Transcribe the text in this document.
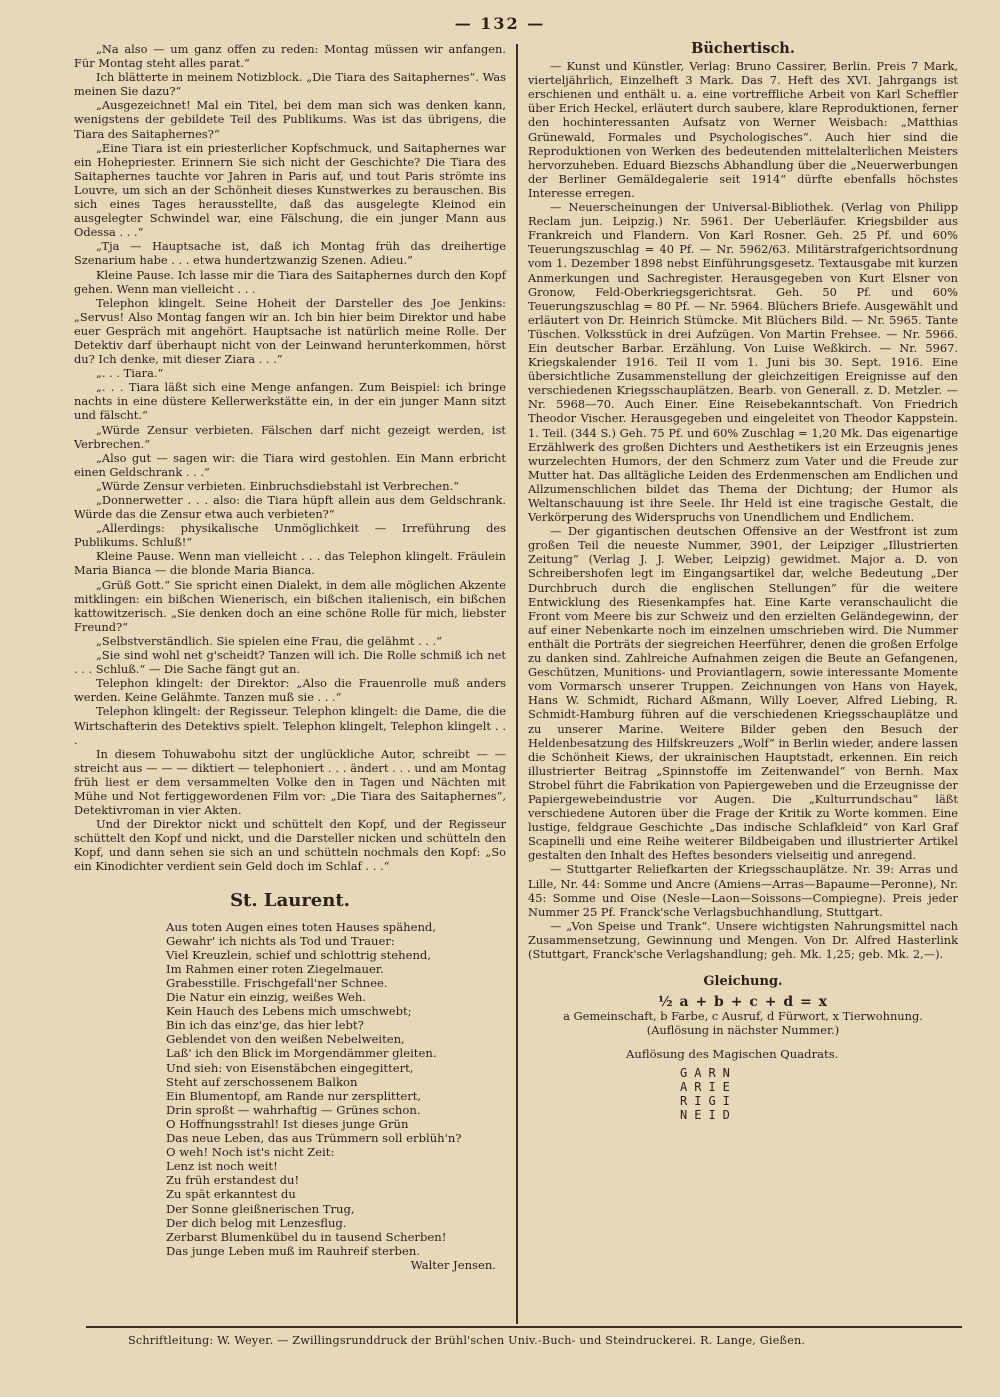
— 132 —

„Na also — um ganz offen zu reden: Montag müssen wir anfangen. Für Montag steht alles parat.“

Ich blätterte in meinem Notizblock. „Die Tiara des Saitaphernes“. Was meinen Sie dazu?“

„Ausgezeichnet! Mal ein Titel, bei dem man sich was denken kann, wenigstens der gebildete Teil des Publikums. Was ist das übrigens, die Tiara des Saitaphernes?“

„Eine Tiara ist ein priesterlicher Kopfschmuck, und Saitaphernes war ein Hohepriester. Erinnern Sie sich nicht der Geschichte? Die Tiara des Saitaphernes tauchte vor Jahren in Paris auf, und tout Paris strömte ins Louvre, um sich an der Schönheit dieses Kunstwerkes zu berauschen. Bis sich eines Tages herausstellte, daß das ausgelegte Kleinod ein ausgelegter Schwindel war, eine Fälschung, die ein junger Mann aus Odessa . . .“

„Tja — Hauptsache ist, daß ich Montag früh das dreihertige Szenarium habe . . . etwa hundertzwanzig Szenen. Adieu.“

Kleine Pause. Ich lasse mir die Tiara des Saitaphernes durch den Kopf gehen. Wenn man vielleicht . . .

Telephon klingelt. Seine Hoheit der Darsteller des Joe Jenkins: „Servus! Also Montag fangen wir an. Ich bin hier beim Direktor und habe euer Gespräch mit angehört. Hauptsache ist natürlich meine Rolle. Der Detektiv darf überhaupt nicht von der Leinwand herunterkommen, hörst du? Ich denke, mit dieser Ziara . . .“

„. . . Tiara.“

„. . . Tiara läßt sich eine Menge anfangen. Zum Beispiel: ich bringe nachts in eine düstere Kellerwerkstätte ein, in der ein junger Mann sitzt und fälscht.“

„Würde Zensur verbieten. Fälschen darf nicht gezeigt werden, ist Verbrechen.“

„Also gut — sagen wir: die Tiara wird gestohlen. Ein Mann erbricht einen Geldschrank . . .“

„Würde Zensur verbieten. Einbruchsdiebstahl ist Verbrechen.“

„Donnerwetter . . . also: die Tiara hüpft allein aus dem Geldschrank. Würde das die Zensur etwa auch verbieten?“

„Allerdings: physikalische Unmöglichkeit — Irreführung des Publikums. Schluß!“

Kleine Pause. Wenn man vielleicht . . . das Telephon klingelt. Fräulein Maria Bianca — die blonde Maria Bianca.

„Grüß Gott.“ Sie spricht einen Dialekt, in dem alle möglichen Akzente mitklingen: ein bißchen Wienerisch, ein bißchen italienisch, ein bißchen kattowitzerisch. „Sie denken doch an eine schöne Rolle für mich, liebster Freund?“

„Selbstverständlich. Sie spielen eine Frau, die gelähmt . . .“

„Sie sind wohl net g'scheidt? Tanzen will ich. Die Rolle schmiß ich net . . . Schluß.“ — Die Sache fängt gut an.

Telephon klingelt: der Direktor: „Also die Frauenrolle muß anders werden. Keine Gelähmte. Tanzen muß sie . . .“

Telephon klingelt: der Regisseur. Telephon klingelt: die Dame, die die Wirtschafterin des Detektivs spielt. Telephon klingelt, Telephon klingelt . . .

In diesem Tohuwabohu sitzt der unglückliche Autor, schreibt — — streicht aus — — — diktiert — telephoniert . . . ändert . . . und am Montag früh liest er dem versammelten Volke den in Tagen und Nächten mit Mühe und Not fertiggewordenen Film vor: „Die Tiara des Saitaphernes“, Detektivroman in vier Akten.

Und der Direktor nickt und schüttelt den Kopf, und der Regisseur schüttelt den Kopf und nickt, und die Darsteller nicken und schütteln den Kopf, und dann sehen sie sich an und schütteln nochmals den Kopf: „So ein Kinodichter verdient sein Geld doch im Schlaf . . .“

St. Laurent.
Aus toten Augen eines toten Hauses spähend,
Gewahr' ich nichts als Tod und Trauer:
Viel Kreuzlein, schief und schlottrig stehend,
Im Rahmen einer roten Ziegelmauer.
Grabesstille. Frischgefall'ner Schnee.
Die Natur ein einzig, weißes Weh.
Kein Hauch des Lebens mich umschwebt;
Bin ich das einz'ge, das hier lebt?
Geblendet von den weißen Nebelweiten,
Laß' ich den Blick im Morgendämmer gleiten.
Und sieh: von Eisenstäbchen eingegittert,
Steht auf zerschossenem Balkon
Ein Blumentopf, am Rande nur zersplittert,
Drin sproßt — wahrhaftig — Grünes schon.
O Hoffnungsstrahl! Ist dieses junge Grün
Das neue Leben, das aus Trümmern soll erblüh'n?
O weh! Noch ist's nicht Zeit:
Lenz ist noch weit!
Zu früh erstandest du!
Zu spät erkanntest du
Der Sonne gleißnerischen Trug,
Der dich belog mit Lenzesflug.
Zerbarst Blumenkübel du in tausend Scherben!
Das junge Leben muß im Rauhreif sterben.
Walter Jensen.
Büchertisch.

— Kunst und Künstler, Verlag: Bruno Cassirer, Berlin. Preis 7 Mark, vierteljährlich, Einzelheft 3 Mark. Das 7. Heft des XVI. Jahrgangs ist erschienen und enthält u. a. eine vortreffliche Arbeit von Karl Scheffler über Erich Heckel, erläutert durch saubere, klare Reproduktionen, ferner den hochinteressanten Aufsatz von Werner Weisbach: „Matthias Grünewald, Formales und Psychologisches“. Auch hier sind die Reproduktionen von Werken des bedeutenden mittelalterlichen Meisters hervorzuheben. Eduard Biezschs Abhandlung über die „Neuerwerbungen der Berliner Gemäldegalerie seit 1914“ dürfte ebenfalls höchstes Interesse erregen.

— Neuerscheinungen der Universal-Bibliothek. (Verlag von Philipp Reclam jun. Leipzig.) Nr. 5961. Der Ueberläufer. Kriegsbilder aus Frankreich und Flandern. Von Karl Rosner. Geh. 25 Pf. und 60% Teuerungszuschlag = 40 Pf. — Nr. 5962/63. Militärstrafgerichtsordnung vom 1. Dezember 1898 nebst Einführungsgesetz. Textausgabe mit kurzen Anmerkungen und Sachregister. Herausgegeben von Kurt Elsner von Gronow, Feld-Oberkriegsgerichtsrat. Geh. 50 Pf. und 60% Teuerungszuschlag = 80 Pf. — Nr. 5964. Blüchers Briefe. Ausgewählt und erläutert von Dr. Heinrich Stümcke. Mit Blüchers Bild. — Nr. 5965. Tante Tüschen. Volksstück in drei Aufzügen. Von Martin Frehsee. — Nr. 5966. Ein deutscher Barbar. Erzählung. Von Luise Weßkirch. — Nr. 5967. Kriegskalender 1916. Teil II vom 1. Juni bis 30. Sept. 1916. Eine übersichtliche Zusammenstellung der gleichzeitigen Ereignisse auf den verschiedenen Kriegsschauplätzen. Bearb. von Generall. z. D. Metzler. — Nr. 5968—70. Auch Einer. Eine Reisebekanntschaft. Von Friedrich Theodor Vischer. Herausgegeben und eingeleitet von Theodor Kappstein. 1. Teil. (344 S.) Geh. 75 Pf. und 60% Zuschlag = 1,20 Mk. Das eigenartige Erzählwerk des großen Dichters und Aesthetikers ist ein Erzeugnis jenes wurzelechten Humors, der den Schmerz zum Vater und die Freude zur Mutter hat. Das alltägliche Leiden des Erdenmenschen am Endlichen und Allzumenschlichen bildet das Thema der Dichtung; der Humor als Weltanschauung ist ihre Seele. Ihr Held ist eine tragische Gestalt, die Verkörperung des Widerspruchs von Unendlichem und Endlichem.

— Der gigantischen deutschen Offensive an der Westfront ist zum großen Teil die neueste Nummer, 3901, der Leipziger „Illustrierten Zeitung“ (Verlag J. J. Weber, Leipzig) gewidmet. Major a. D. von Schreibershofen legt im Eingangsartikel dar, welche Bedeutung „Der Durchbruch durch die englischen Stellungen“ für die weitere Entwicklung des Riesenkampfes hat. Eine Karte veranschaulicht die Front vom Meere bis zur Schweiz und den erzielten Geländegewinn, der auf einer Nebenkarte noch im einzelnen umschrieben wird. Die Nummer enthält die Porträts der siegreichen Heerführer, denen die großen Erfolge zu danken sind. Zahlreiche Aufnahmen zeigen die Beute an Gefangenen, Geschützen, Munitions- und Proviantlagern, sowie interessante Momente vom Vormarsch unserer Truppen. Zeichnungen von Hans von Hayek, Hans W. Schmidt, Richard Aßmann, Willy Loever, Alfred Liebing, R. Schmidt-Hamburg führen auf die verschiedenen Kriegsschauplätze und zu unserer Marine. Weitere Bilder geben den Besuch der Heldenbesatzung des Hilfskreuzers „Wolf“ in Berlin wieder, andere lassen die Schönheit Kiews, der ukrainischen Hauptstadt, erkennen. Ein reich illustrierter Beitrag „Spinnstoffe im Zeitenwandel“ von Bernh. Max Strobel führt die Fabrikation von Papiergeweben und die Erzeugnisse der Papiergewebeindustrie vor Augen. Die „Kulturrundschau“ läßt verschiedene Autoren über die Frage der Kritik zu Worte kommen. Eine lustige, feldgraue Geschichte „Das indische Schlafkleid“ von Karl Graf Scapinelli und eine Reihe weiterer Bildbeigaben und illustrierter Artikel gestalten den Inhalt des Heftes besonders vielseitig und anregend.

— Stuttgarter Reliefkarten der Kriegsschauplätze. Nr. 39: Arras und Lille, Nr. 44: Somme und Ancre (Amiens—Arras—Bapaume—Peronne), Nr. 45: Somme und Oise (Nesle—Laon—Soissons—Compiegne). Preis jeder Nummer 25 Pf. Franck'sche Verlagsbuchhandlung, Stuttgart.

— „Von Speise und Trank“. Unsere wichtigsten Nahrungsmittel nach Zusammensetzung, Gewinnung und Mengen. Von Dr. Alfred Hasterlink (Stuttgart, Franck'sche Verlagshandlung; geh. Mk. 1,25; geb. Mk. 2,—).

Gleichung.
½ a + b + c + d = x
a Gemeinschaft, b Farbe, c Ausruf, d Fürwort, x Tierwohnung.
(Auflösung in nächster Nummer.)
Auflösung des Magischen Quadrats.
GARN
ARIE
RIGI
NEID
Schriftleitung: W. Weyer. — Zwillingsrunddruck der Brühl'schen Univ.-Buch- und Steindruckerei. R. Lange, Gießen.
